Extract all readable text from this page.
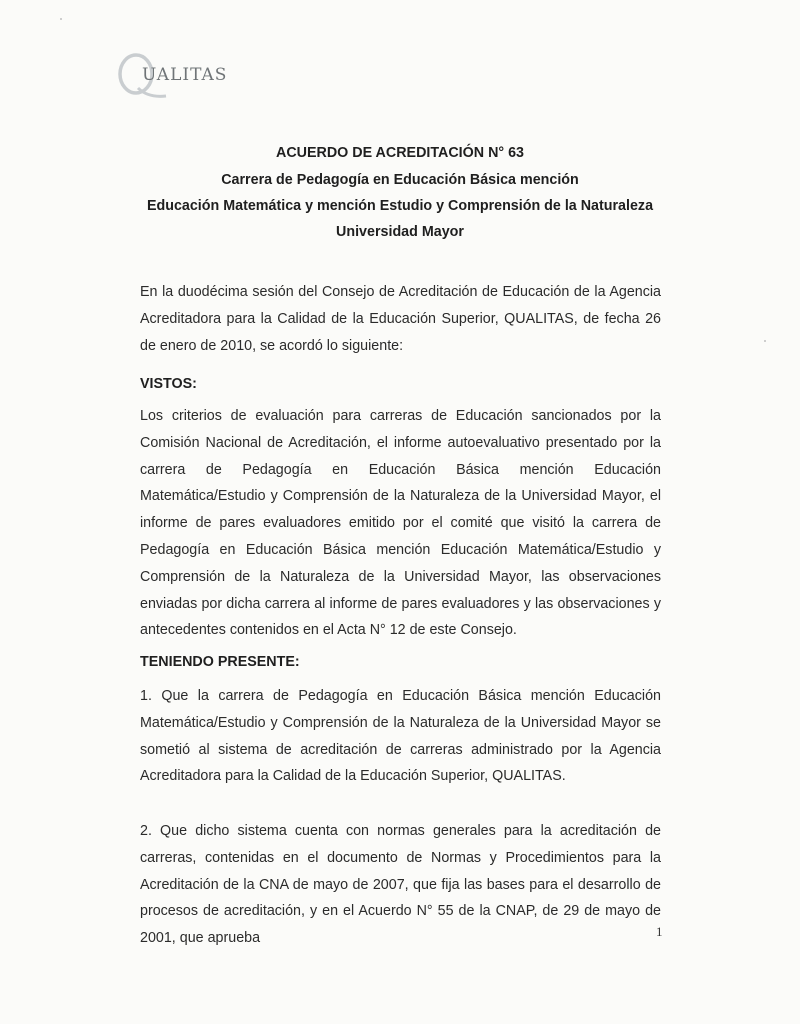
UALITAS
ACUERDO DE ACREDITACIÓN N° 63
Carrera de Pedagogía en Educación Básica mención
Educación Matemática y mención Estudio y Comprensión de la Naturaleza
Universidad Mayor
En la duodécima sesión del Consejo de Acreditación de Educación de la Agencia Acreditadora para la Calidad de la Educación Superior, QUALITAS, de fecha 26 de enero de 2010, se acordó lo siguiente:
VISTOS:
Los criterios de evaluación para carreras de Educación sancionados por la Comisión Nacional de Acreditación, el informe autoevaluativo presentado por la carrera de Pedagogía en Educación Básica mención Educación Matemática/Estudio y Comprensión de la Naturaleza de la Universidad Mayor, el informe de pares evaluadores emitido por el comité que visitó la carrera de Pedagogía en Educación Básica mención Educación Matemática/Estudio y Comprensión de la Naturaleza de la Universidad Mayor, las observaciones enviadas por dicha carrera al informe de pares evaluadores y las observaciones y antecedentes contenidos en el Acta N° 12 de este Consejo.
TENIENDO PRESENTE:
1. Que la carrera de Pedagogía en Educación Básica mención Educación Matemática/Estudio y Comprensión de la Naturaleza de la Universidad Mayor se sometió al sistema de acreditación de carreras administrado por la Agencia Acreditadora para la Calidad de la Educación Superior, QUALITAS.
2. Que dicho sistema cuenta con normas generales para la acreditación de carreras, contenidas en el documento de Normas y Procedimientos para la Acreditación de la CNA de mayo de 2007, que fija las bases para el desarrollo de procesos de acreditación, y en el Acuerdo N° 55 de la CNAP, de 29 de mayo de 2001, que aprueba	1
